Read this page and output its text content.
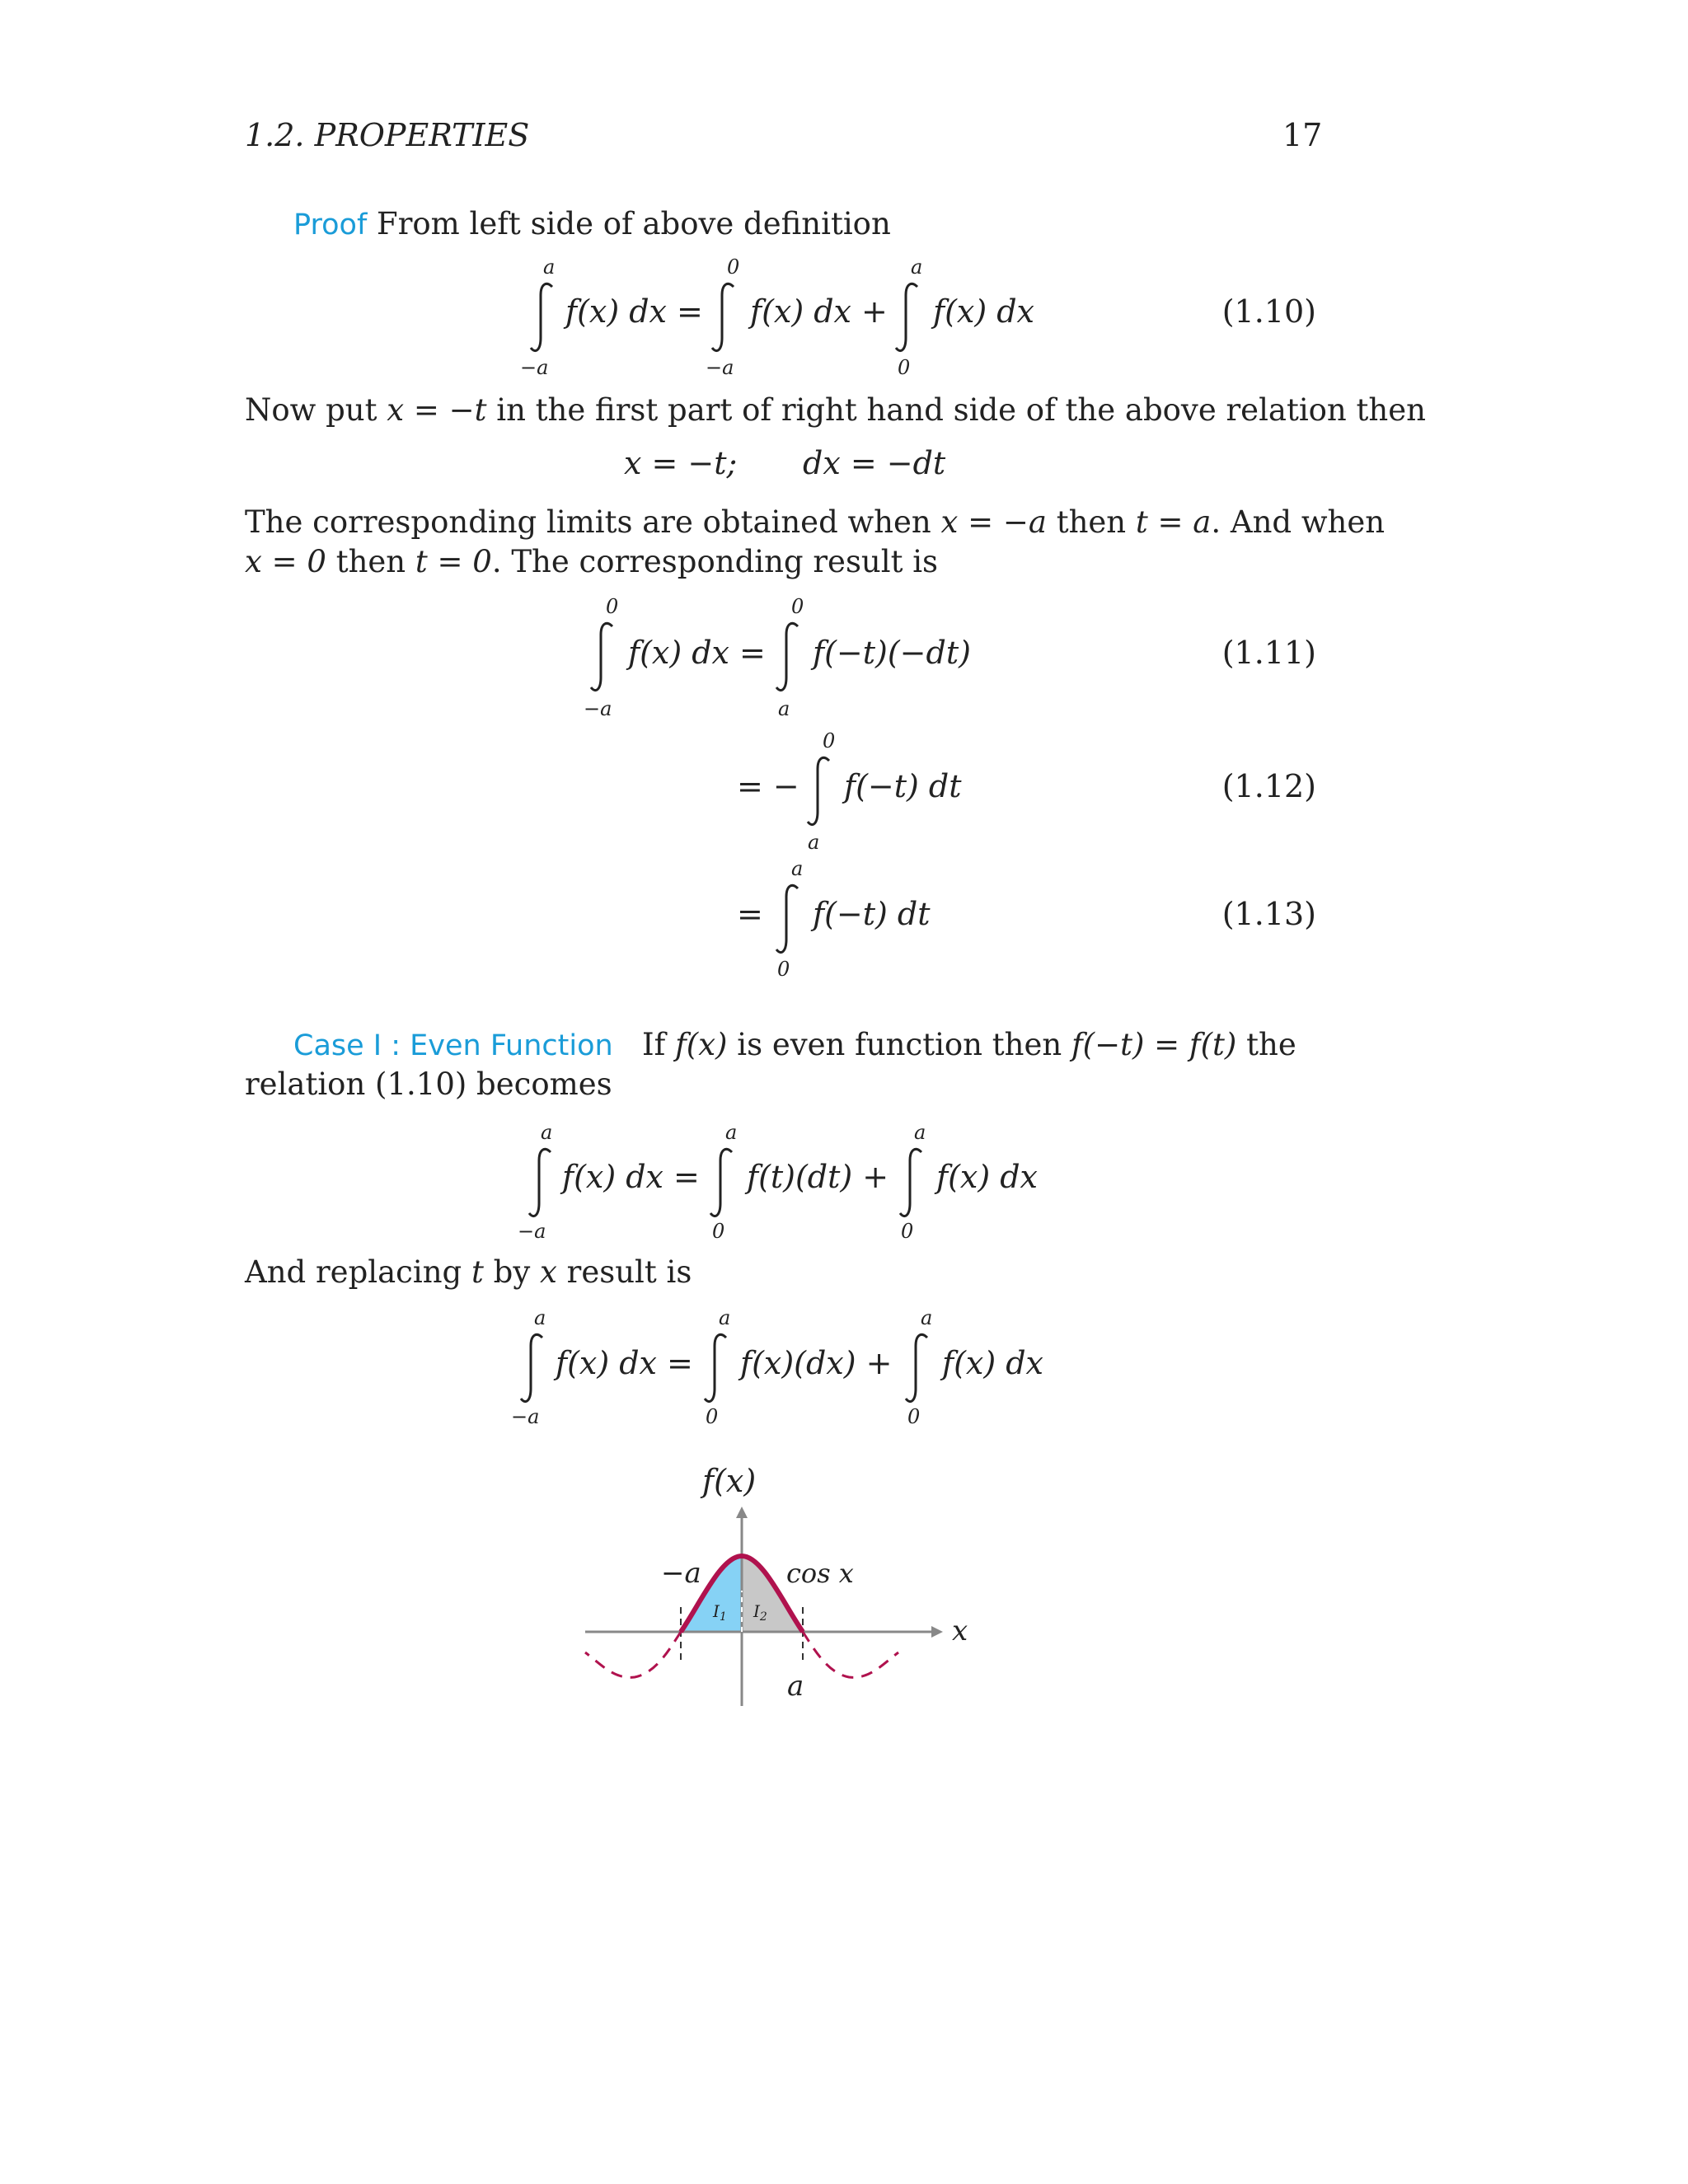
1.2. PROPERTIES	17
Proof From left side of above definition
a
−a
f(x) dx =
0
−a
f(x) dx +
a
0
f(x) dx	(1.10)
Now put x = −t in the first part of right hand side of the above relation then
x = −t; dx = −dt
The corresponding limits are obtained when x = −a then t = a. And when
x = 0 then t = 0. The corresponding result is
0
−a
f(x) dx =
0
a
f(−t)(−dt)	(1.11)
= −
0
a
f(−t) dt	(1.12)
=
a
0
f(−t) dt	(1.13)
Case I : Even Function If f(x) is even function then f(−t) = f(t) the
relation (1.10) becomes
a
−a
f(x) dx =
a
0
f(t)(dt) +
a
0
f(x) dx
And replacing t by x result is
a
−a
f(x) dx =
a
0
f(x)(dx) +
a
0
f(x) dx
f(x)
−a
a
cos x
x
$I_1$ $I_2$
